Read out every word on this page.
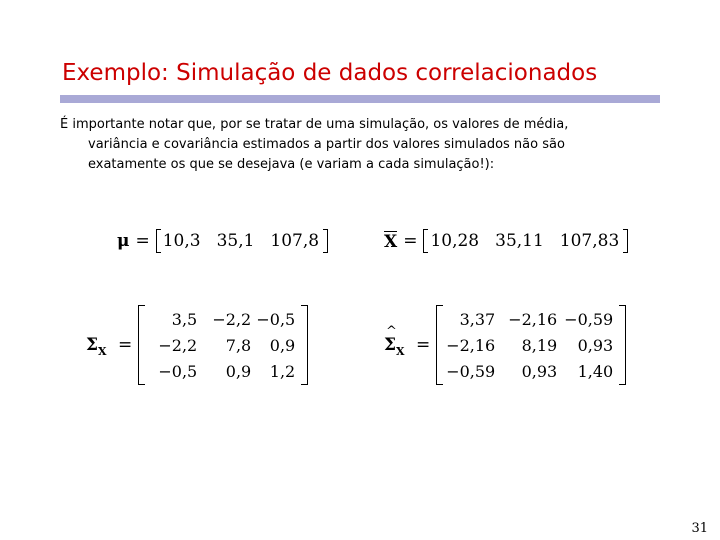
Exemplo: Simulação de dados correlacionados
É importante notar que, por se tratar de uma simulação, os valores de média,
variância e covariância estimados a partir dos valores simulados não são
exatamente os que se desejava (e variam a cada simulação!):
μ = 10,3 35,1 107,8	X = 10,28 35,11 107,83
$\Sigma_X$ =
3,5 −2,2 −0,5
−2,2	7,8	0,9
−0,5	0,9	1,2
^
$\Sigma_X$ =
3,37 −2,16 −0,59
−2,16	8,19	0,93
−0,59	0,93	1,40
31
